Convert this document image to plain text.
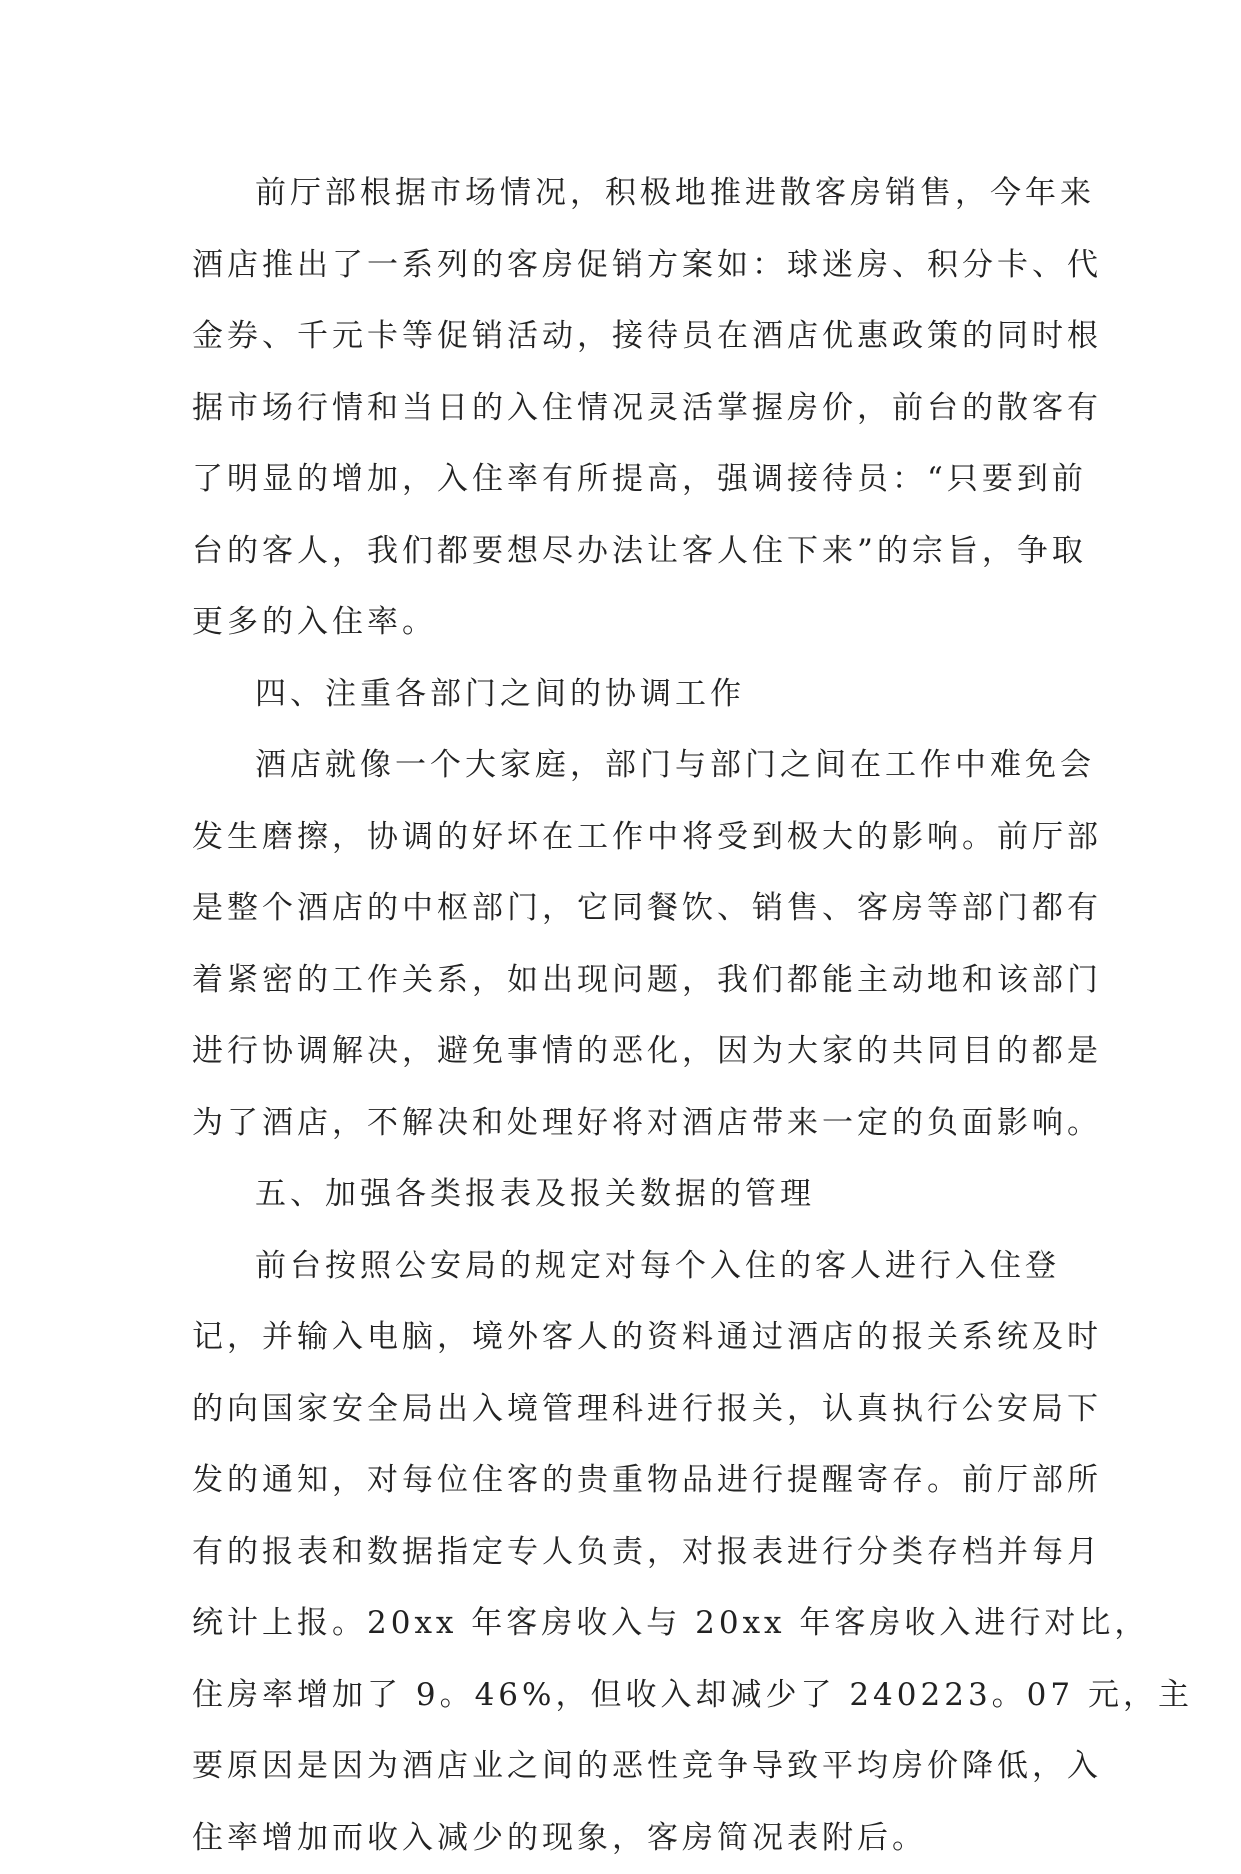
前厅部根据市场情况，积极地推进散客房销售，今年来
酒店推出了一系列的客房促销方案如：球迷房、积分卡、代
金券、千元卡等促销活动，接待员在酒店优惠政策的同时根
据市场行情和当日的入住情况灵活掌握房价，前台的散客有
了明显的增加，入住率有所提高，强调接待员：“只要到前
台的客人，我们都要想尽办法让客人住下来”的宗旨，争取
更多的入住率。
四、注重各部门之间的协调工作
酒店就像一个大家庭，部门与部门之间在工作中难免会
发生磨擦，协调的好坏在工作中将受到极大的影响。前厅部
是整个酒店的中枢部门，它同餐饮、销售、客房等部门都有
着紧密的工作关系，如出现问题，我们都能主动地和该部门
进行协调解决，避免事情的恶化，因为大家的共同目的都是
为了酒店，不解决和处理好将对酒店带来一定的负面影响。
五、加强各类报表及报关数据的管理
前台按照公安局的规定对每个入住的客人进行入住登
记，并输入电脑，境外客人的资料通过酒店的报关系统及时
的向国家安全局出入境管理科进行报关，认真执行公安局下
发的通知，对每位住客的贵重物品进行提醒寄存。前厅部所
有的报表和数据指定专人负责，对报表进行分类存档并每月
统计上报。20xx 年客房收入与 20xx 年客房收入进行对比，
住房率增加了 9。46%，但收入却减少了 240223。07 元，主
要原因是因为酒店业之间的恶性竞争导致平均房价降低，入
住率增加而收入减少的现象，客房简况表附后。
